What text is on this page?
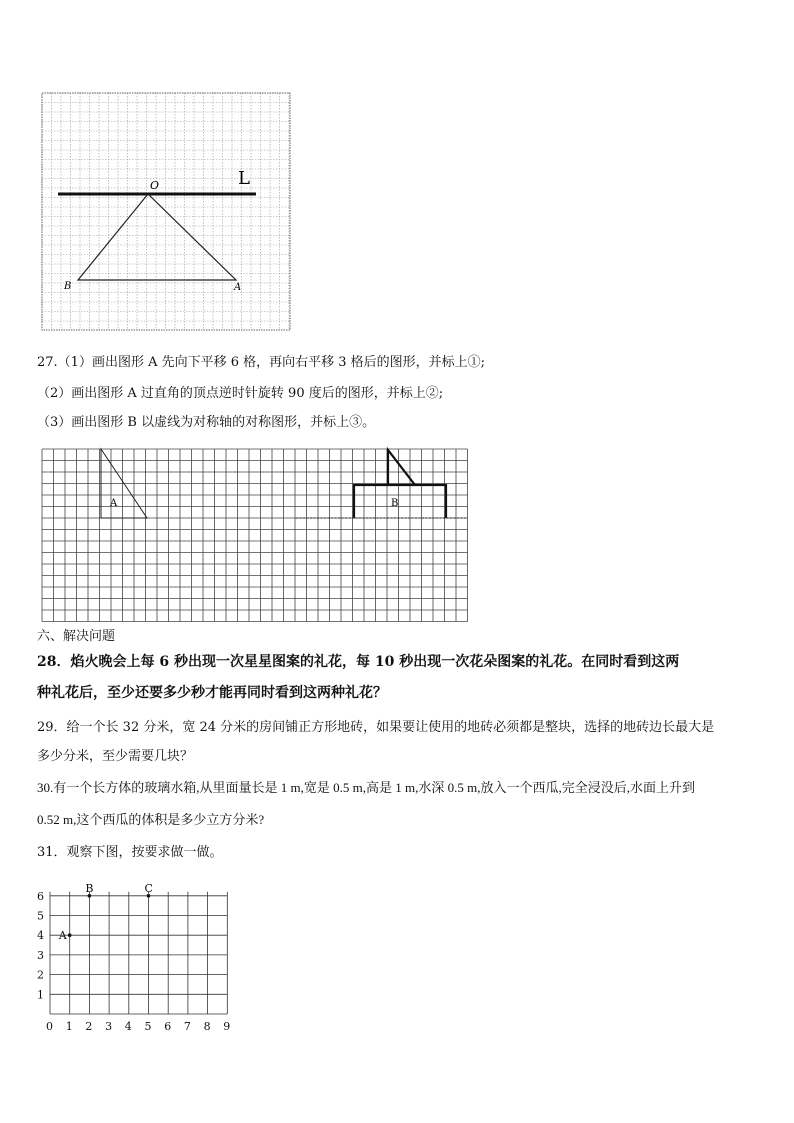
L
O
B	A
27.（1）画出图形 A 先向下平移 6 格，再向右平移 3 格后的图形，并标上①;
（2）画出图形 A 过直角的顶点逆时针旋转 90 度后的图形，并标上②;
（3）画出图形 B 以虚线为对称轴的对称图形，并标上③。
A	B
六、解决问题
28．焰火晚会上每 6 秒出现一次星星图案的礼花，每 10 秒出现一次花朵图案的礼花。在同时看到这两
种礼花后，至少还要多少秒才能再同时看到这两种礼花？
29．给一个长 32 分米，宽 24 分米的房间铺正方形地砖，如果要让使用的地砖必须都是整块，选择的地砖边长最大是
多少分米，至少需要几块？
30.有一个长方体的玻璃水箱,从里面量长是 1 m,宽是 0.5 m,高是 1 m,水深 0.5 m,放入一个西瓜,完全浸没后,水面上升到
0.52 m,这个西瓜的体积是多少立方分米?
31．观察下图，按要求做一做。
0 1 2 3 4 5 6 7 8 9
1
2
3
4
5
6
A
B	C
